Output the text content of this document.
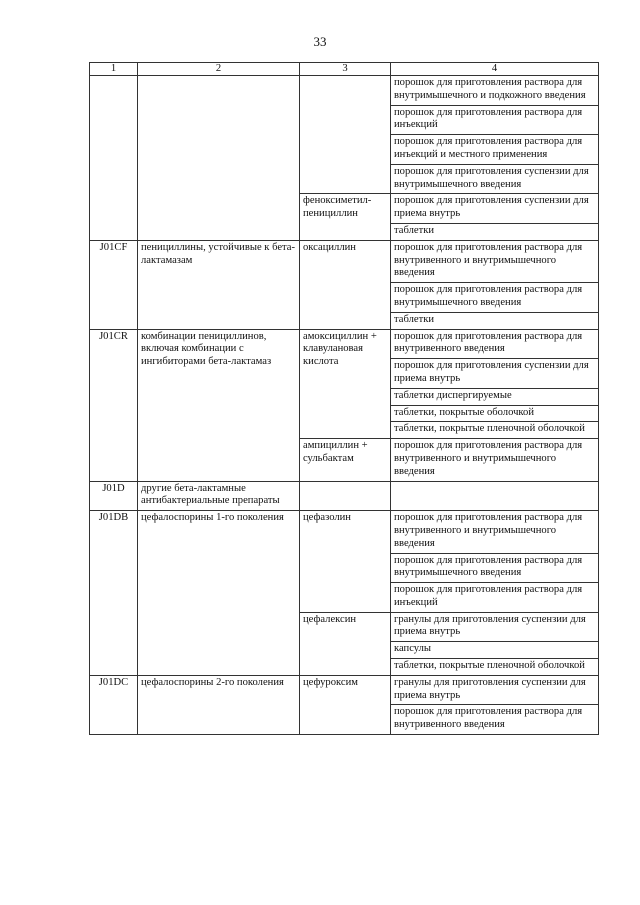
33
1	2	3	4
			порошок для приготовления раствора для внутримышечного и подкожного введения
			порошок для приготовления раствора для инъекций
			порошок для приготовления раствора для инъекций и местного применения
			порошок для приготовления суспензии для внутримышечного введения
		феноксиметил-пенициллин	порошок для приготовления суспензии для приема внутрь
			таблетки
J01CF	пенициллины, устойчивые к бета-лактамазам	оксациллин	порошок для приготовления раствора для внутривенного и внутримышечного введения
			порошок для приготовления раствора для внутримышечного введения
			таблетки
J01CR	комбинации пенициллинов, включая комбинации с ингибиторами бета-лактамаз	амоксициллин + клавулановая кислота	порошок для приготовления раствора для внутривенного введения
			порошок для приготовления суспензии для приема внутрь
			таблетки диспергируемые
			таблетки, покрытые оболочкой
			таблетки, покрытые пленочной оболочкой
		ампициллин + сульбактам	порошок для приготовления раствора для внутривенного и внутримышечного введения
J01D	другие бета-лактамные антибактериальные препараты		
J01DB	цефалоспорины 1-го поколения	цефазолин	порошок для приготовления раствора для внутривенного и внутримышечного введения
			порошок для приготовления раствора для внутримышечного введения
			порошок для приготовления раствора для инъекций
		цефалексин	гранулы для приготовления суспензии для приема внутрь
			капсулы
			таблетки, покрытые пленочной оболочкой
J01DC	цефалоспорины 2-го поколения	цефуроксим	гранулы для приготовления суспензии для приема внутрь
			порошок для приготовления раствора для внутривенного введения
